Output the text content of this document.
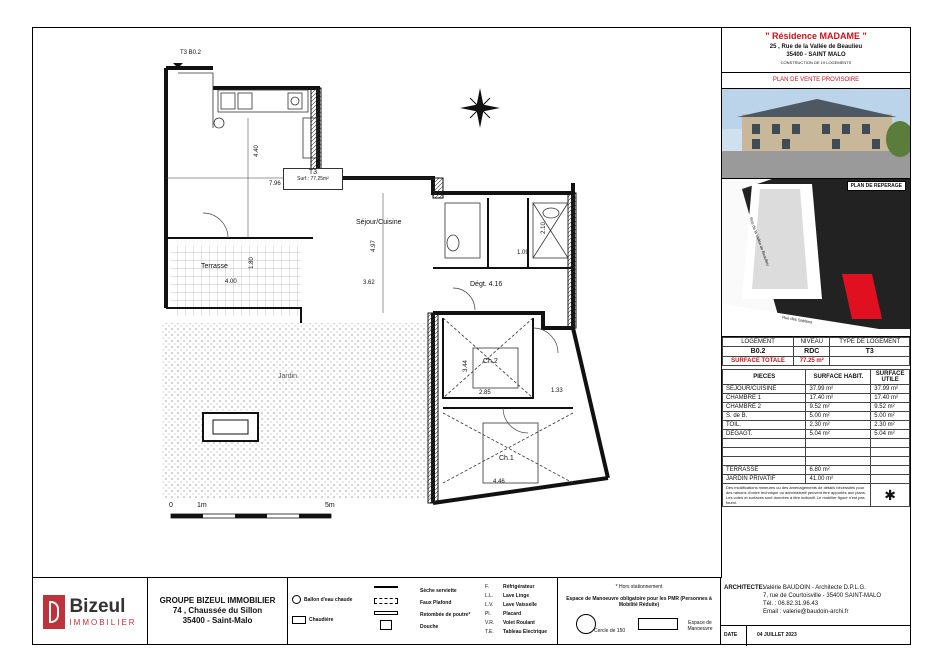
T3 B0.2
T3
Surf.: 77.25m²
Séjour/Cuisine
Terrasse
Dégt. 4.16
Ch.2
Ch.1
Jardin
4.40
7.96
4.97
1.80
4.00	3.62
2.10
1.09
1.33
3.44
2.85
4.46
0	1m	5m
" Résidence MADAME "
25 , Rue de la Vallée de Beaulieu
35400 - SAINT MALO
CONSTRUCTION DE 19 LOGEMENTS
PLAN DE VENTE PROVISOIRE
PLAN DE REPERAGE
Rue de la Vallée de Beaulieu
Rue des Sablons
LOGEMENT	NIVEAU	TYPE DE LOGEMENT
B0.2	RDC	T3
SURFACE TOTALE	77.25 m²	
PIECES	SURFACE HABIT.	SURFACE UTILE
SEJOUR/CUISINE	37.99 m²	37.99 m²
CHAMBRE 1	17.40 m²	17.40 m²
CHAMBRE 2	9.52 m²	9.52 m²
S. de B.	5.00 m²	5.00 m²
TOIL.	2.30 m²	2.30 m²
DEGAGT.	5.04 m²	5.04 m²

TERRASSE	6.80 m²	
JARDIN PRIVATIF	41.00 m²	
Des modifications mineures ou des aménagements de détails nécessités pour des raisons d'ordre technique ou administratif peuvent être apportés aux plans. Les cotes et surfaces sont données à titre indicatif. Le mobilier figuré n'est pas fourni.		✱
Bizeul
IMMOBILIER
GROUPE BIZEUL IMMOBILIER
74 , Chaussée du Sillon
35400 - Saint-Malo
Ballon d'eau chaude
Chaudière
Sèche serviette
Faux Plafond
Retombée de poutre*
Douche
F.	Réfrigérateur
L.L. Lave Linge
L.V. Lave Vaisselle
Pl. Placard
V.R. Volet Roulant
T.E. Tableau Electrique
* Hors stationnement
Espace de Manoeuvre obligatoire pour les PMR (Personnes à Mobilité Réduite)
Cercle de 150
Espace de Manoeuvre
ARCHITECTE:
Valérie BAUDOIN - Architecte D.P.L.G.
7, rue de Courtoisville - 35400 SAINT-MALO
Tél. : 06.82.31.96.43
Email : valerie@baudoin-archi.fr
DATE	04 JUILLET 2023
